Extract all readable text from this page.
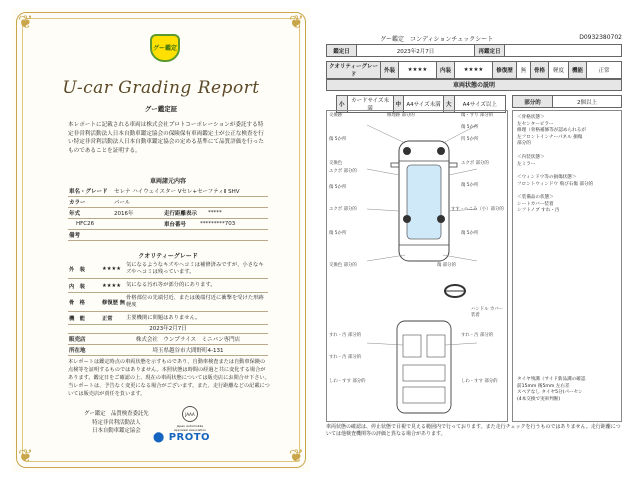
❦	❦
❦	❦
グー鑑定
U-car Grading Report
グー鑑定証
本レポートに記載される車両は株式会社プロトコーポレーションが委託する特定非営利活動法人日本自動車鑑定協会の保険保有車両鑑定士が公正な検査を行い特定非営利活動法人日本自動車鑑定協会の定める基準にて品質評価を行ったものであることを証明する。
車両諸元内容
車名・グレード	セレナ ハイウェイスター Vセレ+セーフティⅡ SHV
カラー	パール
年式	2016年	走行距離表示	*****
HFC26	車台番号	*********703
備考
クオリティーグレード
外　装	★★★★
気になるようなキズやヘコミは補修済みですが、小さなキズやヘコミは残っています。
内　装	★★★★ 気になる汚れ等が部分的にあります。
骨　格	修復歴 無
骨格部位の先端付近、または後端付近に衝撃を受けた形跡 軽度
機　能	正常	主要機関に問題はありません。
2023年2月7日
販売店	株式会社　ウンプライス　ミニバン専門店
所在地	埼玉県越谷市大間野町4-131
本レポートは鑑定時点の車両状態を示すものであり、自動車検査または自動車保険の点検等を証明するものではありません。本照状態は時間の経過と共に変化する場合があります。鑑定日をご確認の上、現在の車両状態については販売店にお問合せ下さい。当レポートは、予告なく変更になる場合がございます。また、走行距離などの記載については販売店が責任を負います。
グー鑑定　品質検査委託先
特定非営利活動法人
日本自動車鑑定協会
JAAA
Japan Automobile Appraisal Association
⬤ PROTO
グー鑑定　コンディションチェックシート	D0932380702
鑑定日	2023年2月7日	再鑑定日	
クオリティーグレード	外装	★★★★	内装	★★★★	修復歴	無	骨格	軽度	機能	正常
車両状態の説明
小	カードサイズ未満	中	A4サイズ未満	大	A4サイズ以上	部分的	2個以上
交換跡	修理跡 部分的	傷・すり 部分的
傷 5か所
傷 5か所
凹 5か所
交換色
エクボ 部分的
エクボ 部分的
傷 5か所	傷 5か所
エクボ 部分的	すす・へこみ（小）部分的
傷 5か所	傷 5か所
交換色 部分的	傷 部分的
ハンドル カバー装着
すれ・汚 部分的	すれ・汚 部分的
すれ・汚 部分的
しわ・すす 部分的	しわ・すす 部分的
＜骨格状態＞
左センターピラー
修理（骨格補修等が認められるが
左フロントインナーパネル 損傷
部分的
＜内装状態＞
左ミラー
＜ウィンドウ等の損傷状態＞
フロントウィンドウ 飛び石傷 部分的
＜装備品の状態＞
シートカバー装着
シフトノブ すれ・汚
タイヤ残溝（サイド新品溝の確認
前15mm 後5mm 左右差
スペアなし タイヤ5分(パーセン
(4本交換で実車判断)
車両状態の確認は、停止状態で目視で見える範囲内で行っております。また走行チェックを行うものではありません。走行距離については他検査機関等の評価と異なる場合があります。
